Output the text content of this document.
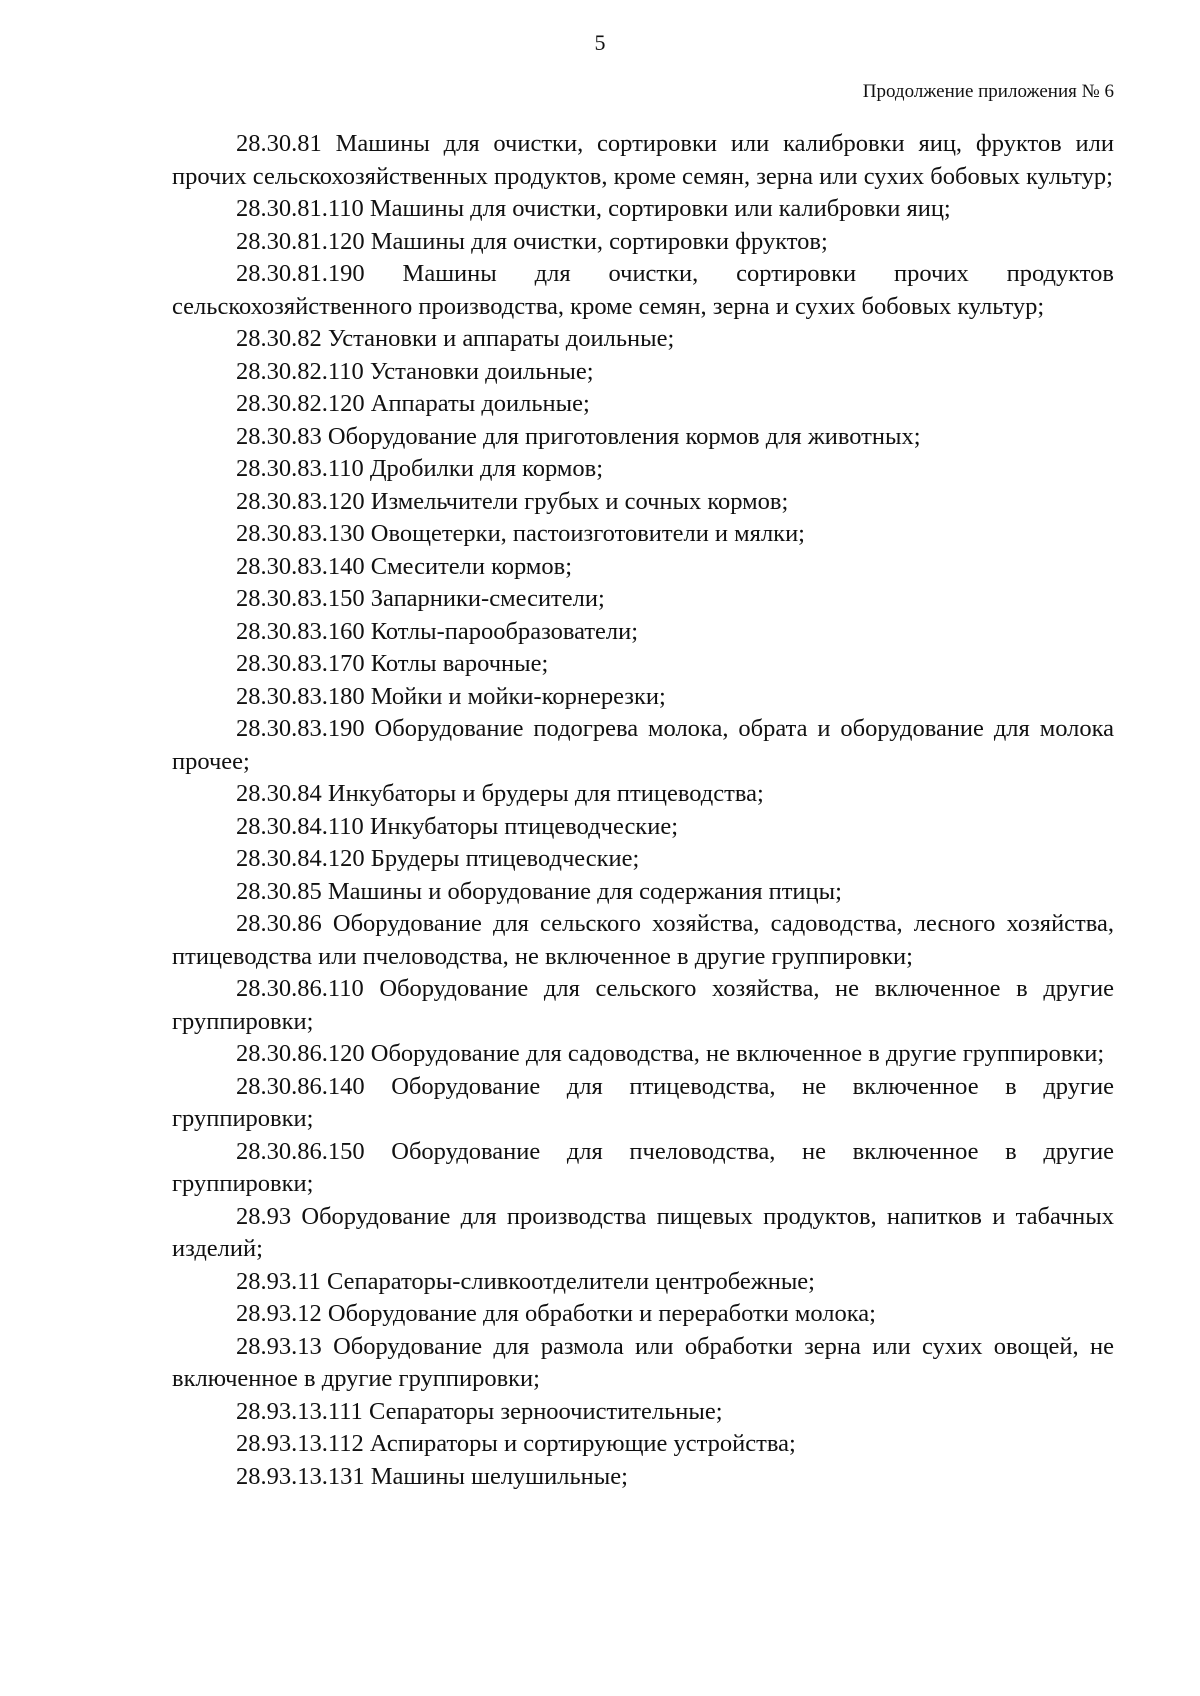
5
Продолжение приложения № 6

28.30.81 Машины для очистки, сортировки или калибровки яиц, фруктов или прочих сельскохозяйственных продуктов, кроме семян, зерна или сухих бобовых культур;

28.30.81.110 Машины для очистки, сортировки или калибровки яиц;

28.30.81.120 Машины для очистки, сортировки фруктов;

28.30.81.190 Машины для очистки, сортировки прочих продуктов сельскохозяйственного производства, кроме семян, зерна и сухих бобовых культур;

28.30.82 Установки и аппараты доильные;

28.30.82.110 Установки доильные;

28.30.82.120 Аппараты доильные;

28.30.83 Оборудование для приготовления кормов для животных;

28.30.83.110 Дробилки для кормов;

28.30.83.120 Измельчители грубых и сочных кормов;

28.30.83.130 Овощетерки, пастоизготовители и мялки;

28.30.83.140 Смесители кормов;

28.30.83.150 Запарники-смесители;

28.30.83.160 Котлы-парообразователи;

28.30.83.170 Котлы варочные;

28.30.83.180 Мойки и мойки-корнерезки;

28.30.83.190 Оборудование подогрева молока, обрата и оборудование для молока прочее;

28.30.84 Инкубаторы и брудеры для птицеводства;

28.30.84.110 Инкубаторы птицеводческие;

28.30.84.120 Брудеры птицеводческие;

28.30.85 Машины и оборудование для содержания птицы;

28.30.86 Оборудование для сельского хозяйства, садоводства, лесного хозяйства, птицеводства или пчеловодства, не включенное в другие группировки;

28.30.86.110 Оборудование для сельского хозяйства, не включенное в другие группировки;

28.30.86.120 Оборудование для садоводства, не включенное в другие группировки;

28.30.86.140 Оборудование для птицеводства, не включенное в другие группировки;

28.30.86.150 Оборудование для пчеловодства, не включенное в другие группировки;

28.93 Оборудование для производства пищевых продуктов, напитков и табачных изделий;

28.93.11 Сепараторы-сливкоотделители центробежные;

28.93.12 Оборудование для обработки и переработки молока;

28.93.13 Оборудование для размола или обработки зерна или сухих овощей, не включенное в другие группировки;

28.93.13.111 Сепараторы зерноочистительные;

28.93.13.112 Аспираторы и сортирующие устройства;

28.93.13.131 Машины шелушильные;
